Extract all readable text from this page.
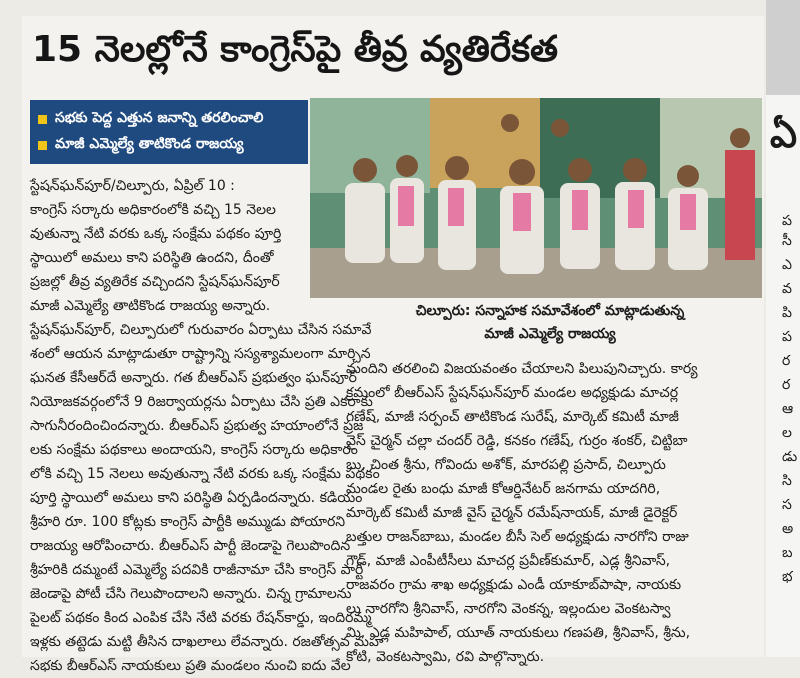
15 నెలల్లోనే కాంగ్రెస్‌పై తీవ్ర వ్యతిరేకత
సభకు పెద్ద ఎత్తున జనాన్ని తరలించాలి
మాజీ ఎమ్మెల్యే తాటికొండ రాజయ్య

స్టేషన్‌ఘన్‌పూర్/చిల్పూరు, ఏప్రిల్ 10 :

కాంగ్రెస్ సర్కారు అధికారంలోకి వచ్చి 15 నెలల

వుతున్నా నేటి వరకు ఒక్క సంక్షేమ పథకం పూర్తి

స్థాయిలో అమలు కాని పరిస్థితి ఉందని, దీంతో

ప్రజల్లో తీవ్ర వ్యతిరేక వచ్చిందని స్టేషన్‌ఘన్‌పూర్

మాజీ ఎమ్మెల్యే తాటికొండ రాజయ్య అన్నారు.

స్టేషన్‌ఘన్‌పూర్, చిల్పూరులో గురువారం ఏర్పాటు చేసిన సమావే

శంలో ఆయన మాట్లాడుతూ రాష్ట్రాన్ని సస్యశ్యామలంగా మార్చిన

ఘనత కేసీఆర్‌దే అన్నారు. గత బీఆర్ఎస్ ప్రభుత్వం ఘన్‌పూర్

నియోజకవర్గంలోనే 9 రిజర్వాయర్లను ఏర్పాటు చేసి ప్రతి ఎకరాకు

సాగునీరందించిందన్నారు. బీఆర్ఎస్ ప్రభుత్వ హయాంలోనే ప్రజ

లకు సంక్షేమ పథకాలు అందాయని, కాంగ్రెస్ సర్కారు అధికారం

లోకి వచ్చి 15 నెలలు అవుతున్నా నేటి వరకు ఒక్క సంక్షేమ పథకం

పూర్తి స్థాయిలో అమలు కాని పరిస్థితి ఏర్పడిందన్నారు. కడియం

శ్రీహరి రూ. 100 కోట్లకు కాంగ్రెస్ పార్టీకి అమ్ముడు పోయారని

రాజయ్య ఆరోపించారు. బీఆర్ఎస్ పార్టీ జెండాపై గెలుపొందిన

శ్రీహరికి దమ్మంటే ఎమ్మెల్యే పదవికి రాజీనామా చేసి కాంగ్రెస్ పార్టీ

జెండాపై పోటీ చేసి గెలుపొందాలని అన్నారు. చిన్న గ్రామాలను

పైలట్ పథకం కింద ఎంపిక చేసి నేటి వరకు రేషన్‌కార్డు, ఇందిరమ్మ

ఇళ్లకు తట్టెడు మట్టి తీసిన దాఖలాలు లేవన్నారు. రజతోత్సవ మహ

సభకు బీఆర్ఎస్ నాయకులు ప్రతి మండలం నుంచి ఐదు వేల

చిల్పూరు: సన్నాహక సమావేశంలో మాట్లాడుతున్న
మాజీ ఎమ్మెల్యే రాజయ్య

మందిని తరలించి విజయవంతం చేయాలని పిలుపునిచ్చారు. కార్య

క్రమంలో బీఆర్ఎస్ స్టేషన్‌ఘన్‌పూర్ మండల అధ్యక్షుడు మాచర్ల

గణేష్, మాజీ సర్పంచ్ తాటికొండ సురేష్, మార్కెట్ కమిటీ మాజీ

వైస్ చైర్మన్ చల్లా చందర్ రెడ్డి, కనకం గణేష్, గుర్రం శంకర్, చిట్టిబా

బు, చింత శ్రీను, గోవిందు అశోక్, మారపల్లి ప్రసాద్, చిల్పూరు

మండల రైతు బంధు మాజీ కోఆర్డినేటర్ జనగామ యాదగిరి,

మార్కెట్ కమిటీ మాజీ వైస్ చైర్మన్ రమేష్‌నాయక్, మాజీ డైరెక్టర్

బత్తుల రాజన్‌బాబు, మండల బీసీ సెల్ అధ్యక్షుడు నారగోని రాజు

గౌడ్, మాజీ ఎంపీటీసీలు మాచర్ల ప్రవీణ్‌కుమార్, ఎడ్ల శ్రీనివాస్,

రాజవరం గ్రామ శాఖ అధ్యక్షుడు ఎండీ యాకూబ్‌పాషా, నాయకు

లు నారగోని శ్రీనివాస్, నారగోని వెంకన్న, ఇల్లందుల వెంకటస్వా

మి, ఎడ్ల మహిపాల్, యూత్ నాయకులు గణపతి, శ్రీనివాస్, శ్రీను,

కోటి, వెంకటస్వామి, రవి పాల్గొన్నారు.

ఏ
ప
సీ
ఎ
వ
పి
ప
ర
ర
ఆ
ల
డు
సి
స
అ
బ
భ
